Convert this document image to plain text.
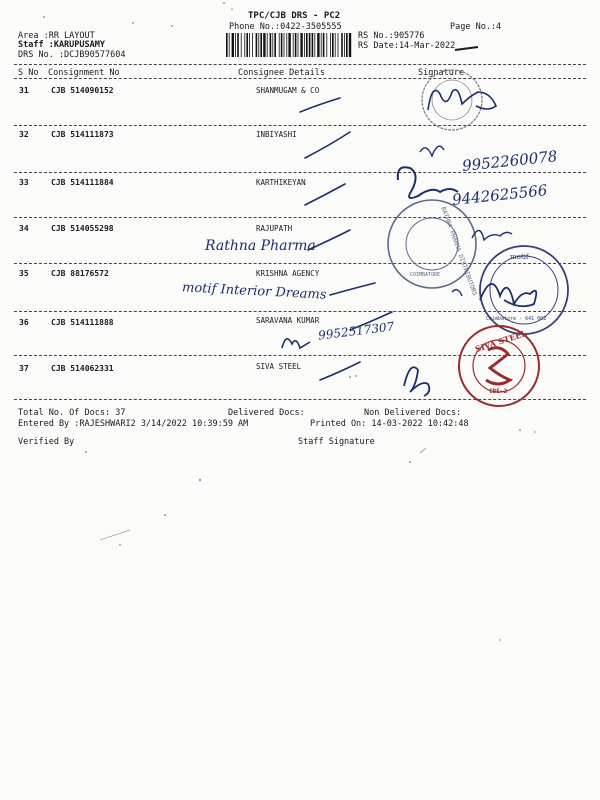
TPC/CJB DRS - PC2
Phone No.:0422-3505555	Page No.:4
Area :RR LAYOUT
Staff :KARUPUSAMY
DRS No. :DCJB90577604
RS No.:905776
RS Date:14-Mar-2022
S No Consignment No	Consignee Details	Signature
31	CJB 514090152	SHANMUGAM & CO
32	CJB 514111873	INBIYASHI
33	CJB 514111884	KARTHIKEYAN
34	CJB 514055298	RAJUPATH
35	CJB 88176572	KRISHNA AGENCY
36	CJB 514111888	SARAVANA KUMAR
37	CJB 514062331	SIVA STEEL
Total No. Of Docs: 37	Delivered Docs:	Non Delivered Docs:
Entered By :RAJESHWARI2 3/14/2022 10:39:59 AM	Printed On: 14-03-2022 10:42:48
Verified By	Staff Signature
9952260078
9442625566
Rathna Pharma
motif Interior Dreams
9952517307
RATHNA PHARMA DISTRIBUTORS
COIMBATORE
motif
Coimbatore - 641 002
SIVA STEEL
CBE-2
